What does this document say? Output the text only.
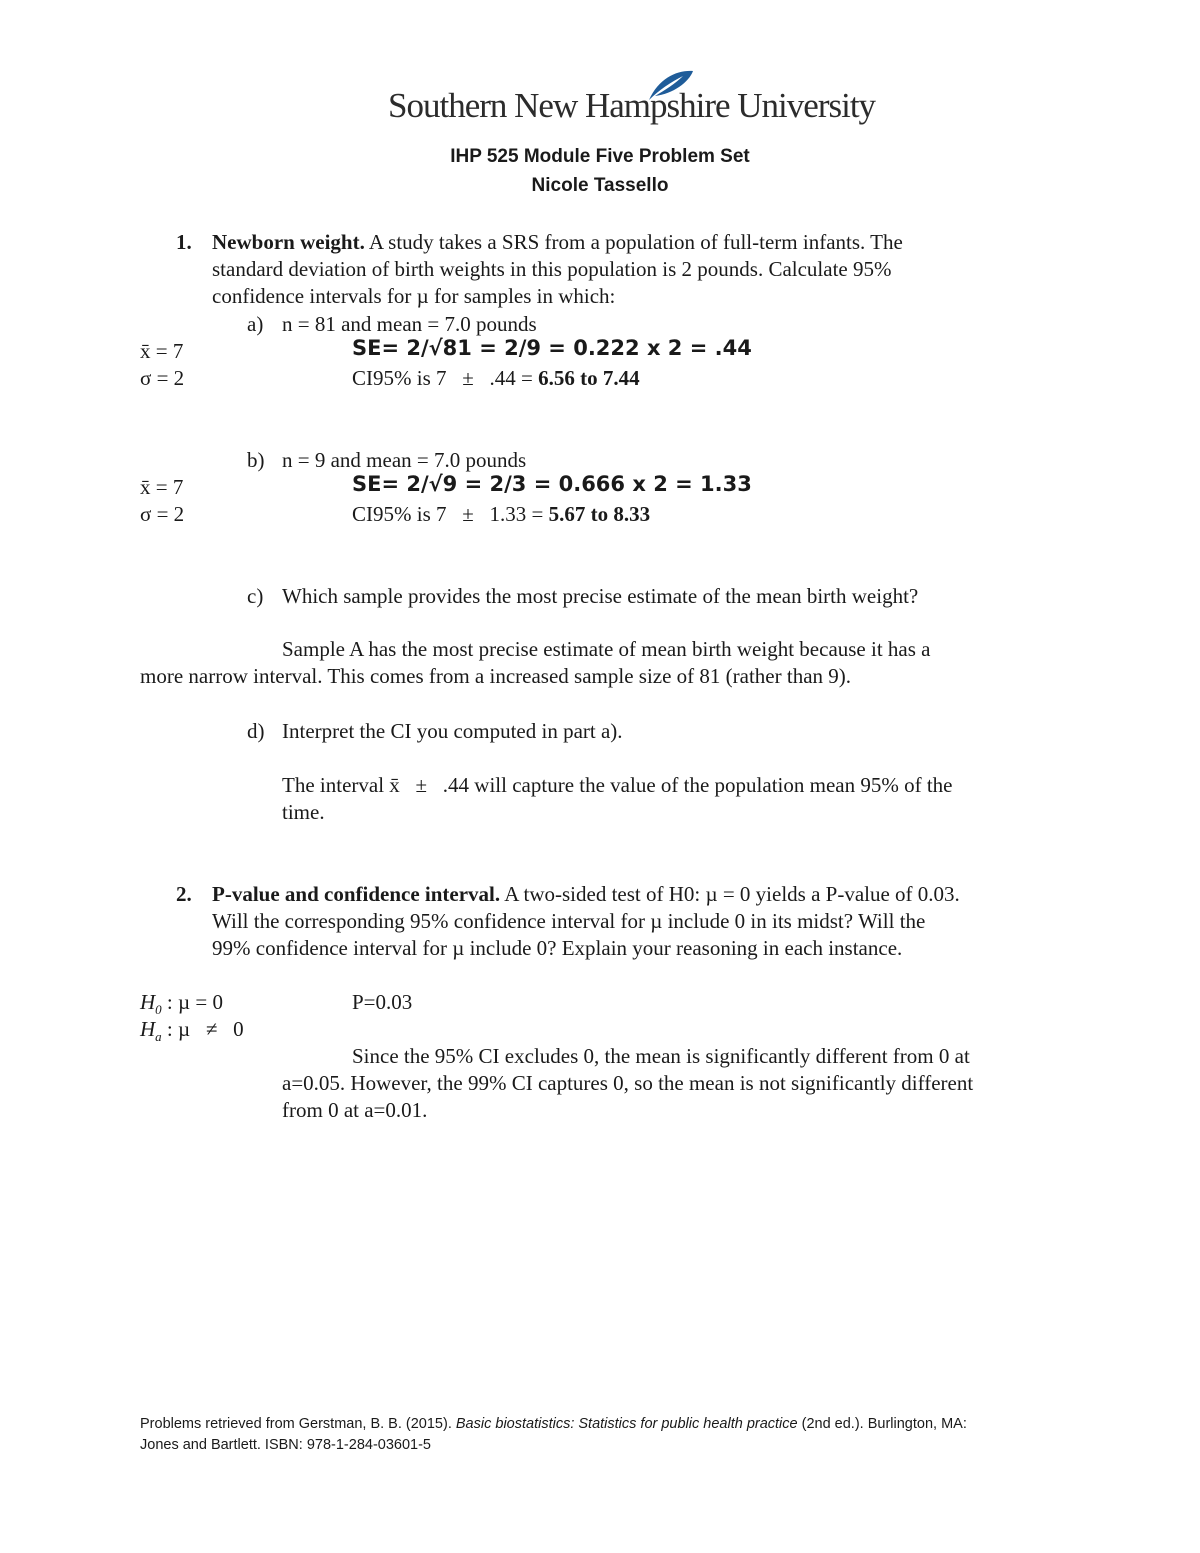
Southern New Hampshire University
IHP 525 Module Five Problem Set
Nicole Tassello
1. Newborn weight. A study takes a SRS from a population of full-term infants. The
standard deviation of birth weights in this population is 2 pounds. Calculate 95%
confidence intervals for µ for samples in which:
a) n = 81 and mean = 7.0 pounds
x̄ = 7	SE= 2/√81 = 2/9 = 0.222 x 2 = .44
σ = 2	CI95% is 7   ±   .44 = 6.56 to 7.44
b) n = 9 and mean = 7.0 pounds
x̄ = 7	SE= 2/√9 = 2/3 = 0.666 x 2 = 1.33
σ = 2	CI95% is 7   ±   1.33 = 5.67 to 8.33
c) Which sample provides the most precise estimate of the mean birth weight?
Sample A has the most precise estimate of mean birth weight because it has a
more narrow interval. This comes from a increased sample size of 81 (rather than 9).
d) Interpret the CI you computed in part a).
The interval x̄   ±   .44 will capture the value of the population mean 95% of the
time.
2. P-value and confidence interval. A two-sided test of H0: µ = 0 yields a P-value of 0.03.
Will the corresponding 95% confidence interval for µ include 0 in its midst? Will the
99% confidence interval for µ include 0? Explain your reasoning in each instance.
$H_0$ : µ = 0	P=0.03
$H_a$ : µ   ≠   0
Since the 95% CI excludes 0, the mean is significantly different from 0 at
a=0.05. However, the 99% CI captures 0, so the mean is not significantly different
from 0 at a=0.01.
Problems retrieved from Gerstman, B. B. (2015). Basic biostatistics: Statistics for public health practice (2nd ed.). Burlington, MA:
Jones and Bartlett. ISBN: 978-1-284-03601-5
